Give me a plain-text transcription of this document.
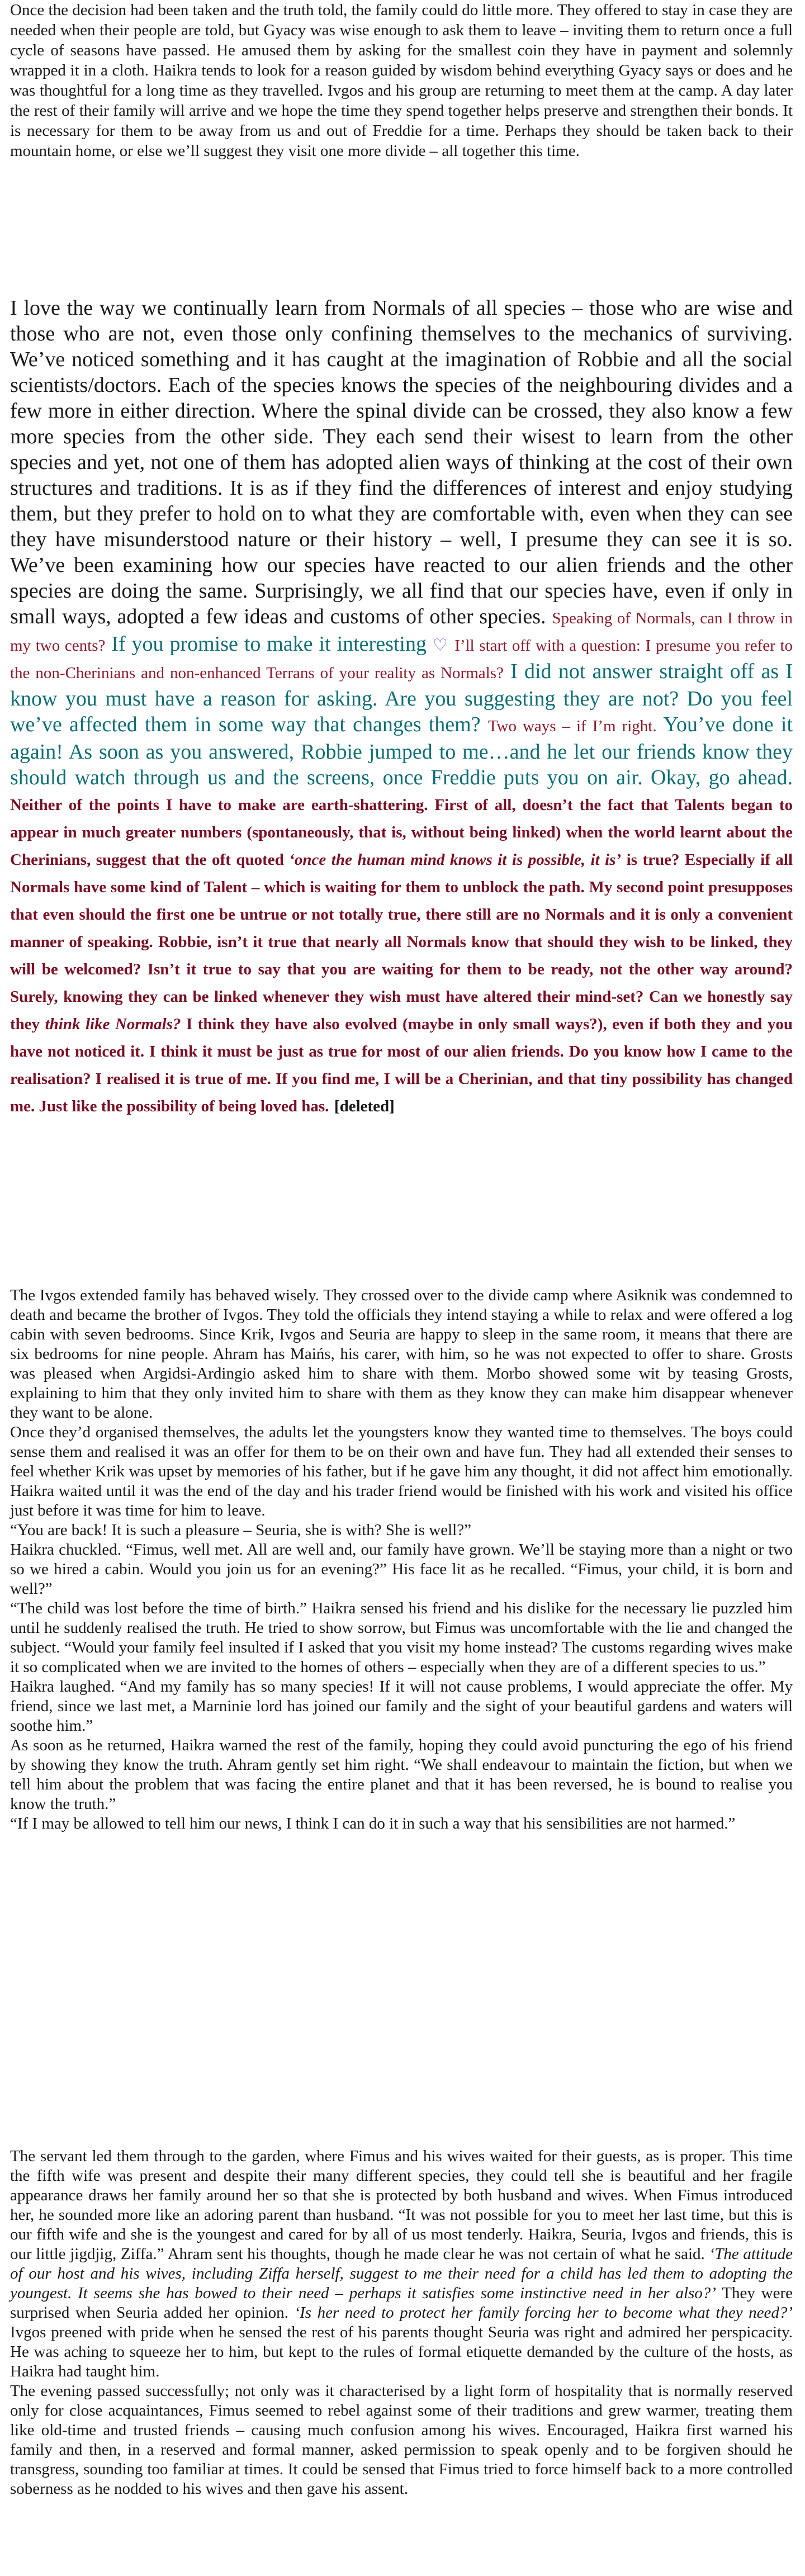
Once the decision had been taken and the truth told, the family could do little more. They offered to stay in case they are needed when their people are told, but Gyacy was wise enough to ask them to leave – inviting them to return once a full cycle of seasons have passed. He amused them by asking for the smallest coin they have in payment and solemnly wrapped it in a cloth. Haikra tends to look for a reason guided by wisdom behind everything Gyacy says or does and he was thoughtful for a long time as they travelled. Ivgos and his group are returning to meet them at the camp. A day later the rest of their family will arrive and we hope the time they spend together helps preserve and strengthen their bonds. It is necessary for them to be away from us and out of Freddie for a time. Perhaps they should be taken back to their mountain home, or else we’ll suggest they visit one more divide – all together this time.

I love the way we continually learn from Normals of all species – those who are wise and those who are not, even those only confining themselves to the mechanics of surviving. We’ve noticed something and it has caught at the imagination of Robbie and all the social scientists/doctors. Each of the species knows the species of the neighbouring divides and a few more in either direction. Where the spinal divide can be crossed, they also know a few more species from the other side. They each send their wisest to learn from the other species and yet, not one of them has adopted alien ways of thinking at the cost of their own structures and traditions. It is as if they find the differences of interest and enjoy studying them, but they prefer to hold on to what they are comfortable with, even when they can see they have misunderstood nature or their history – well, I presume they can see it is so. We’ve been examining how our species have reacted to our alien friends and the other species are doing the same. Surprisingly, we all find that our species have, even if only in small ways, adopted a few ideas and customs of other species. Speaking of Normals, can I throw in my two cents? If you promise to make it interesting ♡ I’ll start off with a question: I presume you refer to the non-Cherinians and non-enhanced Terrans of your reality as Normals? I did not answer straight off as I know you must have a reason for asking. Are you suggesting they are not? Do you feel we’ve affected them in some way that changes them? Two ways – if I’m right. You’ve done it again! As soon as you answered, Robbie jumped to me…and he let our friends know they should watch through us and the screens, once Freddie puts you on air. Okay, go ahead. Neither of the points I have to make are earth-shattering. First of all, doesn’t the fact that Talents began to appear in much greater numbers (spontaneously, that is, without being linked) when the world learnt about the Cherinians, suggest that the oft quoted ‘once the human mind knows it is possible, it is’ is true? Especially if all Normals have some kind of Talent – which is waiting for them to unblock the path. My second point presupposes that even should the first one be untrue or not totally true, there still are no Normals and it is only a convenient manner of speaking. Robbie, isn’t it true that nearly all Normals know that should they wish to be linked, they will be welcomed? Isn’t it true to say that you are waiting for them to be ready, not the other way around? Surely, knowing they can be linked whenever they wish must have altered their mind-set? Can we honestly say they think like Normals? I think they have also evolved (maybe in only small ways?), even if both they and you have not noticed it. I think it must be just as true for most of our alien friends. Do you know how I came to the realisation? I realised it is true of me. If you find me, I will be a Cherinian, and that tiny possibility has changed me. Just like the possibility of being loved has. [deleted]

The Ivgos extended family has behaved wisely. They crossed over to the divide camp where Asiknik was condemned to death and became the brother of Ivgos. They told the officials they intend staying a while to relax and were offered a log cabin with seven bedrooms. Since Krik, Ivgos and Seuria are happy to sleep in the same room, it means that there are six bedrooms for nine people. Ahram has Maińs, his carer, with him, so he was not expected to offer to share. Grosts was pleased when Argidsi-Ardingio asked him to share with them. Morbo showed some wit by teasing Grosts, explaining to him that they only invited him to share with them as they know they can make him disappear whenever they want to be alone.

Once they’d organised themselves, the adults let the youngsters know they wanted time to themselves. The boys could sense them and realised it was an offer for them to be on their own and have fun. They had all extended their senses to feel whether Krik was upset by memories of his father, but if he gave him any thought, it did not affect him emotionally. Haikra waited until it was the end of the day and his trader friend would be finished with his work and visited his office just before it was time for him to leave.

“You are back! It is such a pleasure – Seuria, she is with? She is well?”

Haikra chuckled. “Fimus, well met. All are well and, our family have grown. We’ll be staying more than a night or two so we hired a cabin. Would you join us for an evening?” His face lit as he recalled. “Fimus, your child, it is born and well?”

“The child was lost before the time of birth.” Haikra sensed his friend and his dislike for the necessary lie puzzled him until he suddenly realised the truth. He tried to show sorrow, but Fimus was uncomfortable with the lie and changed the subject. “Would your family feel insulted if I asked that you visit my home instead? The customs regarding wives make it so complicated when we are invited to the homes of others – especially when they are of a different species to us.”

Haikra laughed. “And my family has so many species! If it will not cause problems, I would appreciate the offer. My friend, since we last met, a Marninie lord has joined our family and the sight of your beautiful gardens and waters will soothe him.”

As soon as he returned, Haikra warned the rest of the family, hoping they could avoid puncturing the ego of his friend by showing they know the truth. Ahram gently set him right. “We shall endeavour to maintain the fiction, but when we tell him about the problem that was facing the entire planet and that it has been reversed, he is bound to realise you know the truth.”

“If I may be allowed to tell him our news, I think I can do it in such a way that his sensibilities are not harmed.”

The servant led them through to the garden, where Fimus and his wives waited for their guests, as is proper. This time the fifth wife was present and despite their many different species, they could tell she is beautiful and her fragile appearance draws her family around her so that she is protected by both husband and wives. When Fimus introduced her, he sounded more like an adoring parent than husband. “It was not possible for you to meet her last time, but this is our fifth wife and she is the youngest and cared for by all of us most tenderly. Haikra, Seuria, Ivgos and friends, this is our little jigdjig, Ziffa.” Ahram sent his thoughts, though he made clear he was not certain of what he said. ‘The attitude of our host and his wives, including Ziffa herself, suggest to me their need for a child has led them to adopting the youngest. It seems she has bowed to their need – perhaps it satisfies some instinctive need in her also?’ They were surprised when Seuria added her opinion. ‘Is her need to protect her family forcing her to become what they need?’ Ivgos preened with pride when he sensed the rest of his parents thought Seuria was right and admired her perspicacity. He was aching to squeeze her to him, but kept to the rules of formal etiquette demanded by the culture of the hosts, as Haikra had taught him.

The evening passed successfully; not only was it characterised by a light form of hospitality that is normally reserved only for close acquaintances, Fimus seemed to rebel against some of their traditions and grew warmer, treating them like old-time and trusted friends – causing much confusion among his wives. Encouraged, Haikra first warned his family and then, in a reserved and formal manner, asked permission to speak openly and to be forgiven should he transgress, sounding too familiar at times. It could be sensed that Fimus tried to force himself back to a more controlled soberness as he nodded to his wives and then gave his assent.
